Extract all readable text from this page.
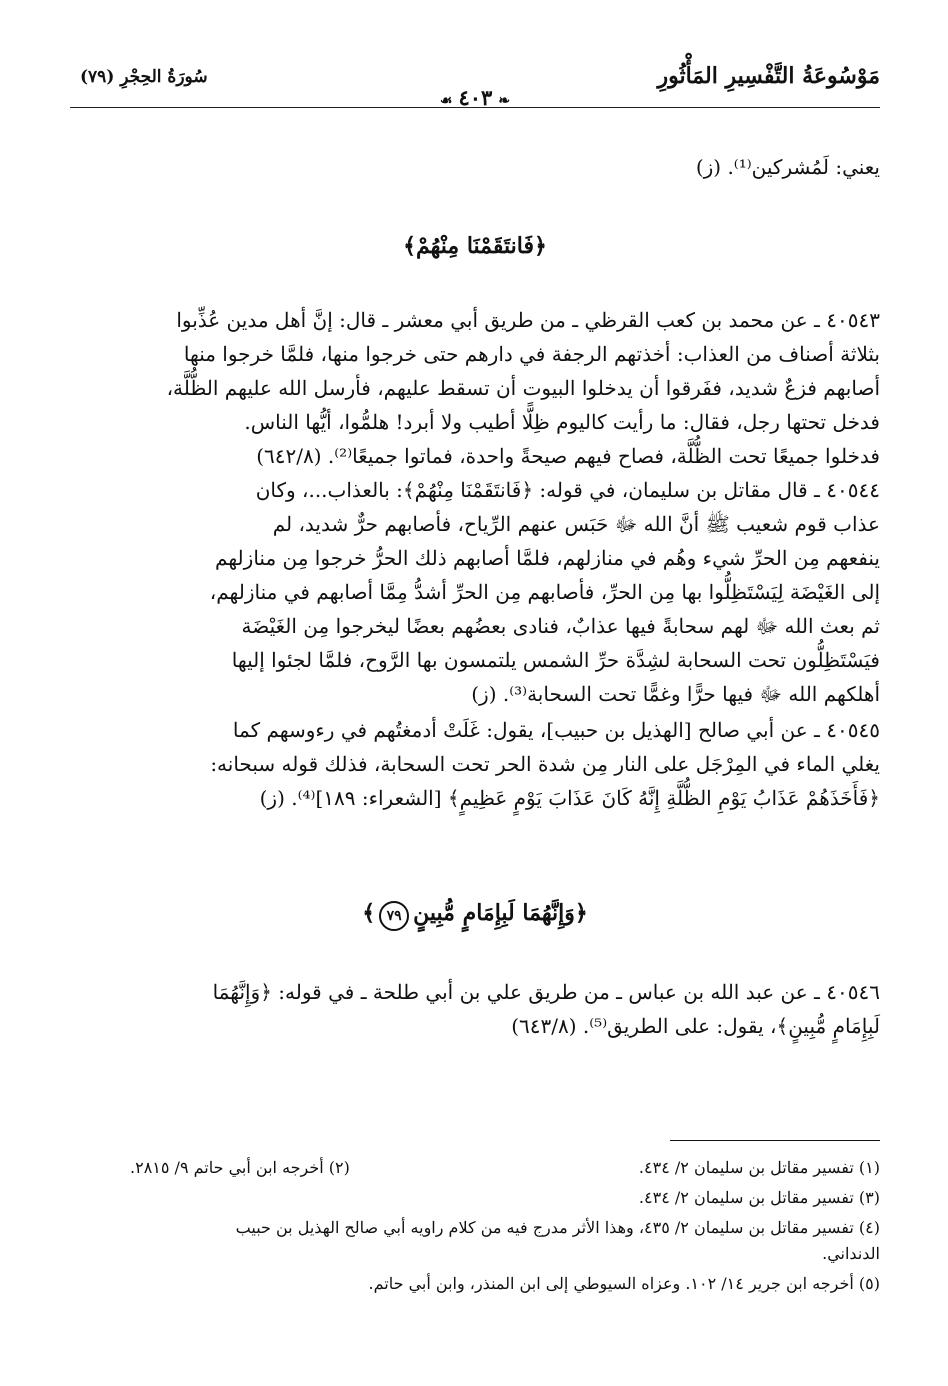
مَوْسُوعَةُ التَّفْسِيرِ المَأْثُورِ
❧٤٠٣☙
سُورَةُ الحِجْرِ (٧٩)
يعني: لَمُشركين⁽¹⁾. (ز)
﴿فَانتَقَمْنَا مِنْهُمْ﴾
٤٠٥٤٣ ـ عن محمد بن كعب القرظي ـ من طريق أبي معشر ـ قال: إنَّ أهل مدين عُذِّبوا
بثلاثة أصناف من العذاب: أخذتهم الرجفة في دارهم حتى خرجوا منها، فلمَّا خرجوا منها
أصابهم فزعٌ شديد، ففَرقوا أن يدخلوا البيوت أن تسقط عليهم، فأرسل الله عليهم الظُّلَّة،
فدخل تحتها رجل، فقال: ما رأيت كاليوم ظِلًّا أطيب ولا أبرد! هلمُّوا، أيُّها الناس.
فدخلوا جميعًا تحت الظُّلَّة، فصاح فيهم صيحةً واحدة، فماتوا جميعًا⁽²⁾. (٦٤٢/٨)
٤٠٥٤٤ ـ قال مقاتل بن سليمان، في قوله: ﴿فَانتَقَمْنَا مِنْهُمْ﴾: بالعذاب...، وكان
عذاب قوم شعيب ﷺ أنَّ الله ﷻ حَبَس عنهم الرِّياح، فأصابهم حرٌّ شديد، لم
ينفعهم مِن الحرِّ شيء وهُم في منازلهم، فلمَّا أصابهم ذلك الحرُّ خرجوا مِن منازلهم
إلى الغَيْضَة لِيَسْتَظِلُّوا بها مِن الحرِّ، فأصابهم مِن الحرِّ أشدُّ مِمَّا أصابهم في منازلهم،
ثم بعث الله ﷻ لهم سحابةً فيها عذابٌ، فنادى بعضُهم بعضًا ليخرجوا مِن الغَيْضَة
فيَسْتَظِلُّون تحت السحابة لشِدَّة حرِّ الشمس يلتمسون بها الرَّوح، فلمَّا لجئوا إليها
أهلكهم الله ﷻ فيها حرًّا وغمًّا تحت السحابة⁽³⁾. (ز)
٤٠٥٤٥ ـ عن أبي صالح [الهذيل بن حبيب]، يقول: غَلَتْ أدمغتُهم في رءوسهم كما
يغلي الماء في المِرْجَل على النار مِن شدة الحر تحت السحابة، فذلك قوله سبحانه:
﴿فَأَخَذَهُمْ عَذَابُ يَوْمِ الظُّلَّةِ إِنَّهُ كَانَ عَذَابَ يَوْمٍ عَظِيمٍ﴾ [الشعراء: ١٨٩]⁽⁴⁾. (ز)
﴿وَإِنَّهُمَا لَبِإِمَامٍ مُّبِينٍ٧٩﴾
٤٠٥٤٦ ـ عن عبد الله بن عباس ـ من طريق علي بن أبي طلحة ـ في قوله: ﴿وَإِنَّهُمَا
لَبِإِمَامٍ مُّبِينٍ﴾، يقول: على الطريق⁽⁵⁾. (٦٤٣/٨)
(١) تفسير مقاتل بن سليمان ٢/ ٤٣٤.
(٢) أخرجه ابن أبي حاتم ٩/ ٢٨١٥.
(٣) تفسير مقاتل بن سليمان ٢/ ٤٣٤.
(٤) تفسير مقاتل بن سليمان ٢/ ٤٣٥، وهذا الأثر مدرج فيه من كلام راويه أبي صالح الهذيل بن حبيب
الدنداني.
(٥) أخرجه ابن جرير ١٤/ ١٠٢. وعزاه السيوطي إلى ابن المنذر، وابن أبي حاتم.
